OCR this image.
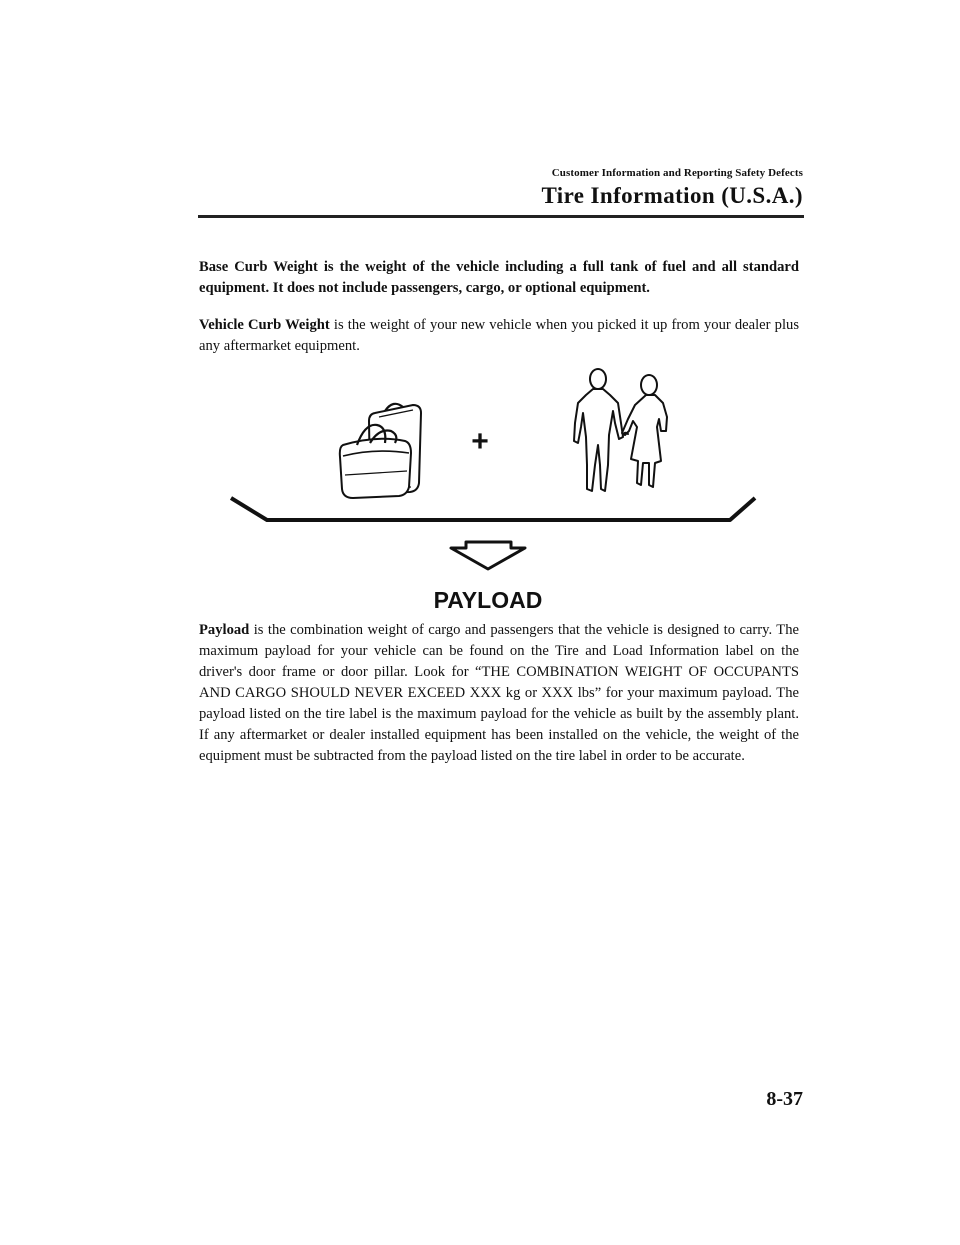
Customer Information and Reporting Safety Defects

Tire Information (U.S.A.)

Base Curb Weight is the weight of the vehicle including a full tank of fuel and all standard equipment. It does not include passengers, cargo, or optional equipment.

Vehicle Curb Weight is the weight of your new vehicle when you picked it up from your dealer plus any aftermarket equipment.

+
PAYLOAD

Payload is the combination weight of cargo and passengers that the vehicle is designed to carry. The maximum payload for your vehicle can be found on the Tire and Load Information label on the driver's door frame or door pillar. Look for “THE COMBINATION WEIGHT OF OCCUPANTS AND CARGO SHOULD NEVER EXCEED XXX kg or XXX lbs” for your maximum payload. The payload listed on the tire label is the maximum payload for the vehicle as built by the assembly plant. If any aftermarket or dealer installed equipment has been installed on the vehicle, the weight of the equipment must be subtracted from the payload listed on the tire label in order to be accurate.

8-37
